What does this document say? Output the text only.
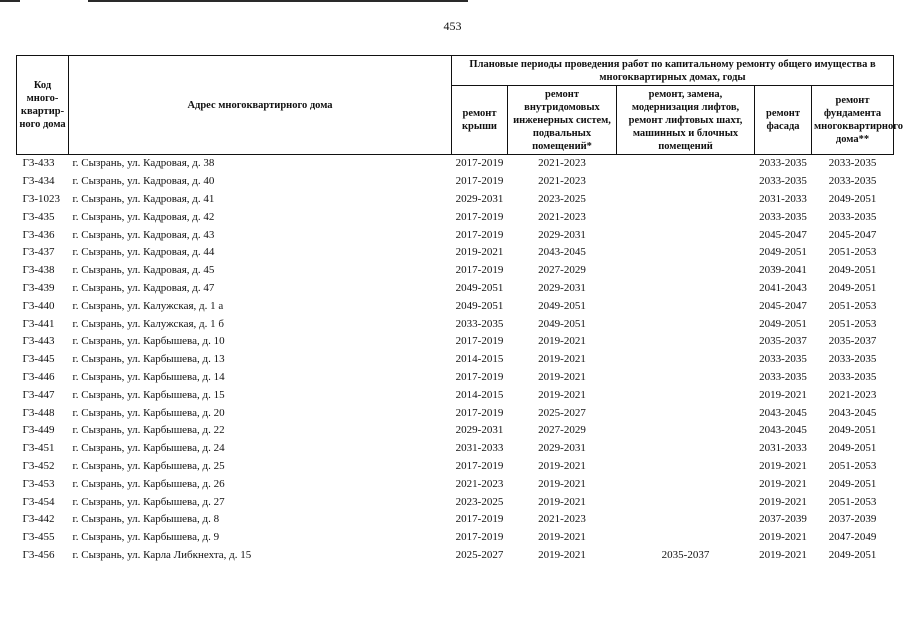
453
Код много-квартир-ного дома	Адрес многоквартирного дома	Плановые периоды проведения работ по капитальному ремонту общего имущества в многоквартирных домах, годы				
		ремонт крыши	ремонт внутридомовых инженерных систем, подвальных помещений*	ремонт, замена, модернизация лифтов, ремонт лифтовых шахт, машинных и блочных помещений	ремонт фасада	ремонт фундамента многоквартирного дома**
Г3-433	г. Сызрань, ул. Кадровая, д. 38	2017-2019	2021-2023		2033-2035	2033-2035
Г3-434	г. Сызрань, ул. Кадровая, д. 40	2017-2019	2021-2023		2033-2035	2033-2035
Г3-1023	г. Сызрань, ул. Кадровая, д. 41	2029-2031	2023-2025		2031-2033	2049-2051
Г3-435	г. Сызрань, ул. Кадровая, д. 42	2017-2019	2021-2023		2033-2035	2033-2035
Г3-436	г. Сызрань, ул. Кадровая, д. 43	2017-2019	2029-2031		2045-2047	2045-2047
Г3-437	г. Сызрань, ул. Кадровая, д. 44	2019-2021	2043-2045		2049-2051	2051-2053
Г3-438	г. Сызрань, ул. Кадровая, д. 45	2017-2019	2027-2029		2039-2041	2049-2051
Г3-439	г. Сызрань, ул. Кадровая, д. 47	2049-2051	2029-2031		2041-2043	2049-2051
Г3-440	г. Сызрань, ул. Калужская, д. 1 а	2049-2051	2049-2051		2045-2047	2051-2053
Г3-441	г. Сызрань, ул. Калужская, д. 1 б	2033-2035	2049-2051		2049-2051	2051-2053
Г3-443	г. Сызрань, ул. Карбышева, д. 10	2017-2019	2019-2021		2035-2037	2035-2037
Г3-445	г. Сызрань, ул. Карбышева, д. 13	2014-2015	2019-2021		2033-2035	2033-2035
Г3-446	г. Сызрань, ул. Карбышева, д. 14	2017-2019	2019-2021		2033-2035	2033-2035
Г3-447	г. Сызрань, ул. Карбышева, д. 15	2014-2015	2019-2021		2019-2021	2021-2023
Г3-448	г. Сызрань, ул. Карбышева, д. 20	2017-2019	2025-2027		2043-2045	2043-2045
Г3-449	г. Сызрань, ул. Карбышева, д. 22	2029-2031	2027-2029		2043-2045	2049-2051
Г3-451	г. Сызрань, ул. Карбышева, д. 24	2031-2033	2029-2031		2031-2033	2049-2051
Г3-452	г. Сызрань, ул. Карбышева, д. 25	2017-2019	2019-2021		2019-2021	2051-2053
Г3-453	г. Сызрань, ул. Карбышева, д. 26	2021-2023	2019-2021		2019-2021	2049-2051
Г3-454	г. Сызрань, ул. Карбышева, д. 27	2023-2025	2019-2021		2019-2021	2051-2053
Г3-442	г. Сызрань, ул. Карбышева, д. 8	2017-2019	2021-2023		2037-2039	2037-2039
Г3-455	г. Сызрань, ул. Карбышева, д. 9	2017-2019	2019-2021		2019-2021	2047-2049
Г3-456	г. Сызрань, ул. Карла Либкнехта, д. 15	2025-2027	2019-2021	2035-2037	2019-2021	2049-2051
